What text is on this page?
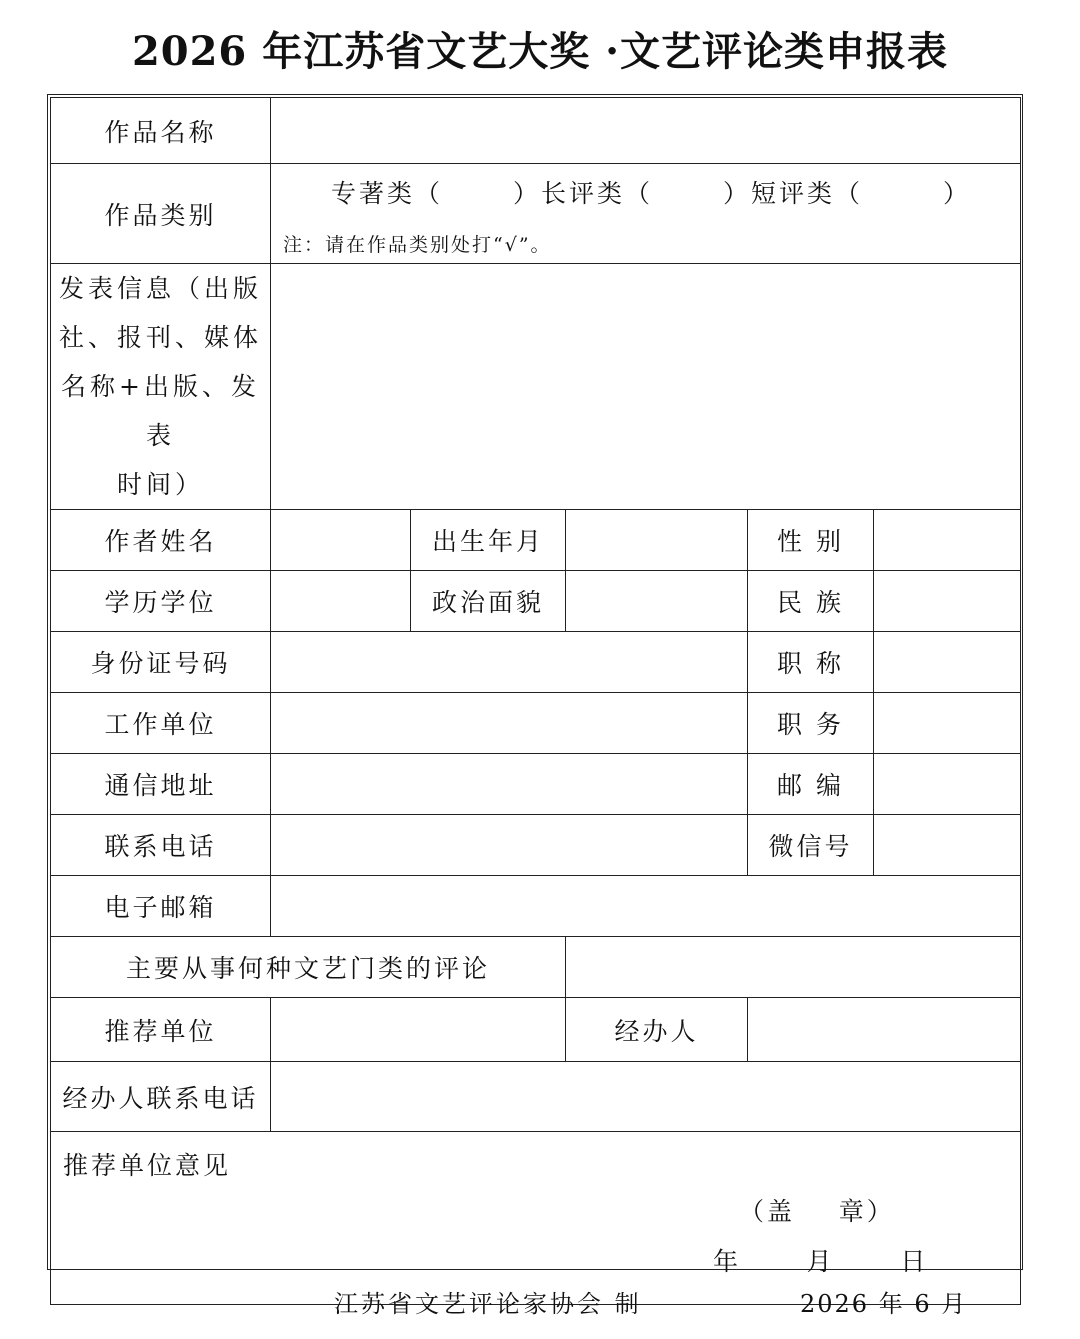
2026 年江苏省文艺大奖 ·文艺评论类申报表
作品名称					
作品类别	专著类（ ）长评类（ ）短评类（ ）
注：请在作品类别处打“√”。				

发表信息（出版
社、报刊、媒体
名称+出版、发表
时间）					

作者姓名		出生年月		性 别	
学历学位		政治面貌		民 族	
身份证号码				职 称	
工作单位				职 务	
通信地址				邮 编	
联系电话				微信号	
电子邮箱					
主要从事何种文艺门类的评论					
推荐单位			经办人		
经办人联系电话					

推荐单位意见
（盖    章）
年      月      日					
江苏省文艺评论家协会 制	2026 年 6 月
